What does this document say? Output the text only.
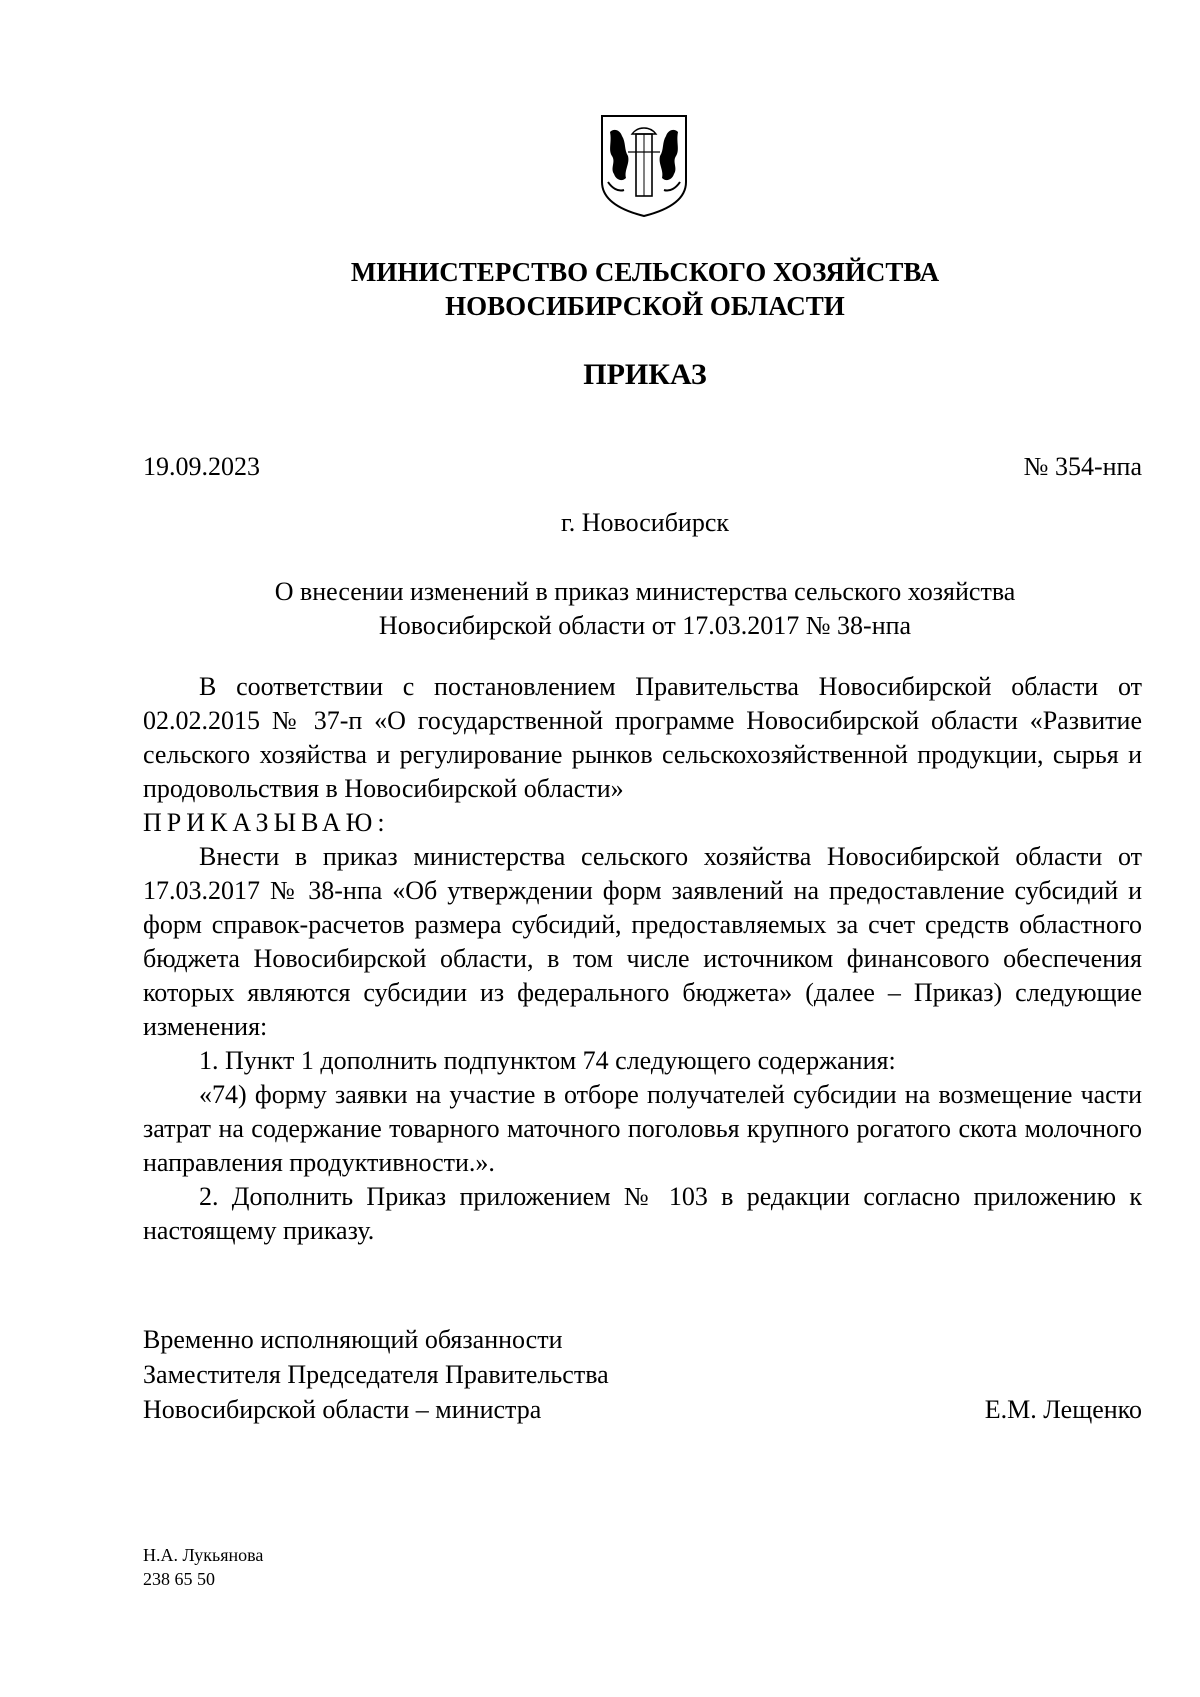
МИНИСТЕРСТВО СЕЛЬСКОГО ХОЗЯЙСТВА
НОВОСИБИРСКОЙ ОБЛАСТИ
ПРИКАЗ
19.09.2023	№ 354-нпа
г. Новосибирск
О внесении изменений в приказ министерства сельского хозяйства
Новосибирской области от 17.03.2017 № 38-нпа

В соответствии с постановлением Правительства Новосибирской области от 02.02.2015 № 37-п «О государственной программе Новосибирской области «Развитие сельского хозяйства и регулирование рынков сельскохозяйственной продукции, сырья и продовольствия в Новосибирской области»

ПРИКАЗЫВАЮ:

Внести в приказ министерства сельского хозяйства Новосибирской области от 17.03.2017 № 38-нпа «Об утверждении форм заявлений на предоставление субсидий и форм справок-расчетов размера субсидий, предоставляемых за счет средств областного бюджета Новосибирской области, в том числе источником финансового обеспечения которых являются субсидии из федерального бюджета» (далее – Приказ) следующие изменения:

1. Пункт 1 дополнить подпунктом 74 следующего содержания:

«74) форму заявки на участие в отборе получателей субсидии на возмещение части затрат на содержание товарного маточного поголовья крупного рогатого скота молочного направления продуктивности.».

2. Дополнить Приказ приложением № 103 в редакции согласно приложению к настоящему приказу.

Временно исполняющий обязанности
Заместителя Председателя Правительства
Новосибирской области – министра	Е.М. Лещенко
Н.А. Лукьянова
238 65 50
